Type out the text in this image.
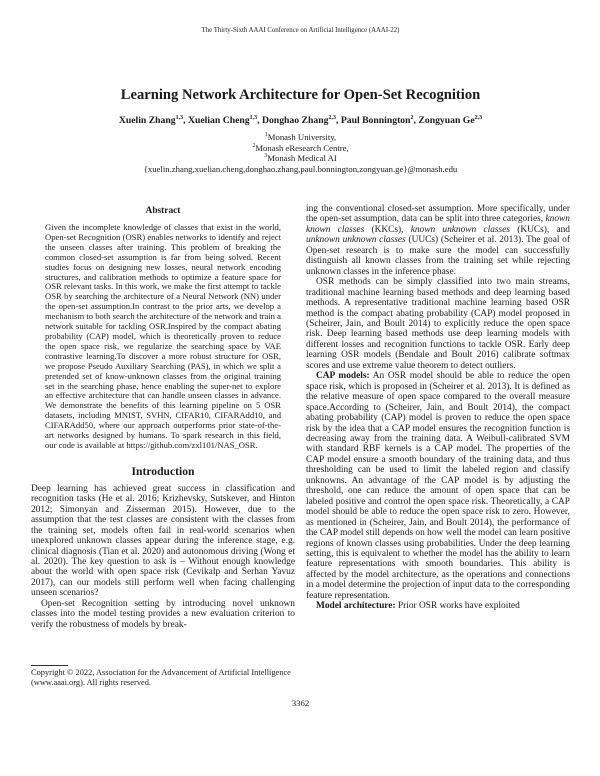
The Thirty-Sixth AAAI Conference on Artificial Intelligence (AAAI-22)
Learning Network Architecture for Open-Set Recognition
Xuelin Zhang$^{1,3}$, Xuelian Cheng$^{1,3}$, Donghao Zhang$^{2,3}$, Paul Bonnington$^2$, Zongyuan Ge$^{2,3}$
$^1$Monash University,
$^2$Monash eResearch Centre,
$^3$Monash Medical AI
{xuelin.zhang,xuelian.cheng,donghao.zhang,paul.bonnington,zongyuan.ge}@monash.edu
Abstract
Given the incomplete knowledge of classes that exist in the world, Open-set Recognition (OSR) enables networks to identify and reject the unseen classes after training. This problem of breaking the common closed-set assumption is far from being solved. Recent studies focus on designing new losses, neural network encoding structures, and calibration methods to optimize a feature space for OSR relevant tasks. In this work, we make the first attempt to tackle OSR by searching the architecture of a Neural Network (NN) under the open-set assumption.In contrast to the prior arts, we develop a mechanism to both search the architecture of the network and train a network suitable for tackling OSR.Inspired by the compact abating probability (CAP) model, which is theoretically proven to reduce the open space risk, we regularize the searching space by VAE contrastive learning.To discover a more robust structure for OSR, we propose Pseudo Auxiliary Searching (PAS), in which we split a pretended set of know-unknown classes from the original training set in the searching phase, hence enabling the super-net to explore an effective architecture that can handle unseen classes in advance. We demonstrate the benefits of this learning pipeline on 5 OSR datasets, including MNIST, SVHN, CIFAR10, CIFARAdd10, and CIFARAdd50, where our approach outperforms prior state-of-the-art networks designed by humans. To spark research in this field, our code is available at https://github.com/zxl101/NAS_OSR.
Introduction

Deep learning has achieved great success in classification and recognition tasks (He et al. 2016; Krizhevsky, Sutskever, and Hinton 2012; Simonyan and Zisserman 2015). However, due to the assumption that the test classes are consistent with the classes from the training set, models often fail in real-world scenarios when unexplored unknown classes appear during the inference stage, e.g. clinical diagnosis (Tian et al. 2020) and autonomous driving (Wong et al. 2020). The key question to ask is – Without enough knowledge about the world with open space risk (Cevikalp and Serhan Yavuz 2017), can our models still perform well when facing challenging unseen scenarios?

Open-set Recognition setting by introducing novel unknown classes into the model testing provides a new evaluation criterion to verify the robustness of models by break-

Copyright © 2022, Association for the Advancement of Artificial Intelligence (www.aaai.org). All rights reserved.

ing the conventional closed-set assumption. More specifically, under the open-set assumption, data can be split into three categories, known known classes (KKCs), known unknown classes (KUCs), and unknown unknown classes (UUCs) (Scheirer et al. 2013). The goal of Open-set research is to make sure the model can successfully distinguish all known classes from the training set while rejecting unknown classes in the inference phase.

OSR methods can be simply classified into two main streams, traditional machine learning based methods and deep learning based methods. A representative traditional machine learning based OSR method is the compact abating probability (CAP) model proposed in (Scheirer, Jain, and Boult 2014) to explicitly reduce the open space risk. Deep learning based methods use deep learning models with different losses and recognition functions to tackle OSR. Early deep learning OSR models (Bendale and Boult 2016) calibrate softmax scores and use extreme value theorem to detect outliers.

CAP models: An OSR model should be able to reduce the open space risk, which is proposed in (Scheirer et al. 2013). It is defined as the relative measure of open space compared to the overall measure space.According to (Scheirer, Jain, and Boult 2014), the compact abating probability (CAP) model is proven to reduce the open space risk by the idea that a CAP model ensures the recognition function is decreasing away from the training data. A Weibull-calibrated SVM with standard RBF kernels is a CAP model. The properties of the CAP model ensure a smooth boundary of the training data, and thus thresholding can be used to limit the labeled region and classify unknowns. An advantage of the CAP model is by adjusting the threshold, one can reduce the amount of open space that can be labeled positive and control the open space risk. Theoretically, a CAP model should be able to reduce the open space risk to zero. However, as mentioned in (Scheirer, Jain, and Boult 2014), the performance of the CAP model still depends on how well the model can learn positive regions of known classes using probabilities. Under the deep learning setting, this is equivalent to whether the model has the ability to learn feature representations with smooth boundaries. This ability is affected by the model architecture, as the operations and connections in a model determine the projection of input data to the corresponding feature representation.

Model architecture: Prior OSR works have exploited

3362
